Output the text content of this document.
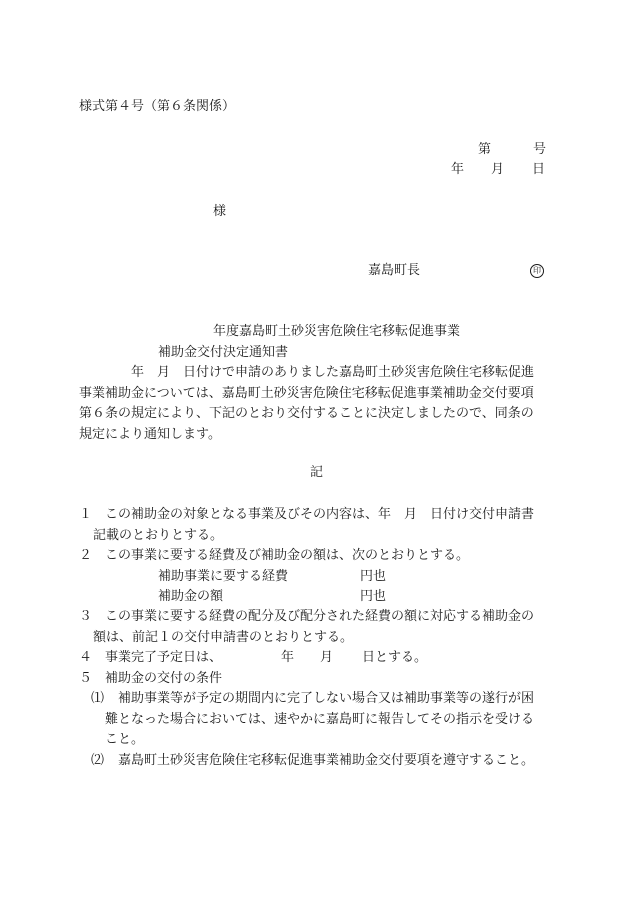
様式第４号（第６条関係）
第	号
年 月 日
様
嘉島町長	印
年度嘉島町土砂災害危険住宅移転促進事業
補助金交付決定通知書
年　月　日付けで申請のありました嘉島町土砂災害危険住宅移転促進
事業補助金については、嘉島町土砂災害危険住宅移転促進事業補助金交付要項
第６条の規定により、下記のとおり交付することに決定しましたので、同条の
規定により通知します。
記
１　この補助金の対象となる事業及びその内容は、年　月　日付け交付申請書
記載のとおりとする。
２　この事業に要する経費及び補助金の額は、次のとおりとする。
補助事業に要する経費	円也
補助金の額	円也
３　この事業に要する経費の配分及び配分された経費の額に対応する補助金の
額は、前記１の交付申請書のとおりとする。
４　事業完了予定日は、	年 月 日とする。
５　補助金の交付の条件
⑴ 補助事業等が予定の期間内に完了しない場合又は補助事業等の遂行が困
難となった場合においては、速やかに嘉島町に報告してその指示を受ける
こと。
⑵ 嘉島町土砂災害危険住宅移転促進事業補助金交付要項を遵守すること。
